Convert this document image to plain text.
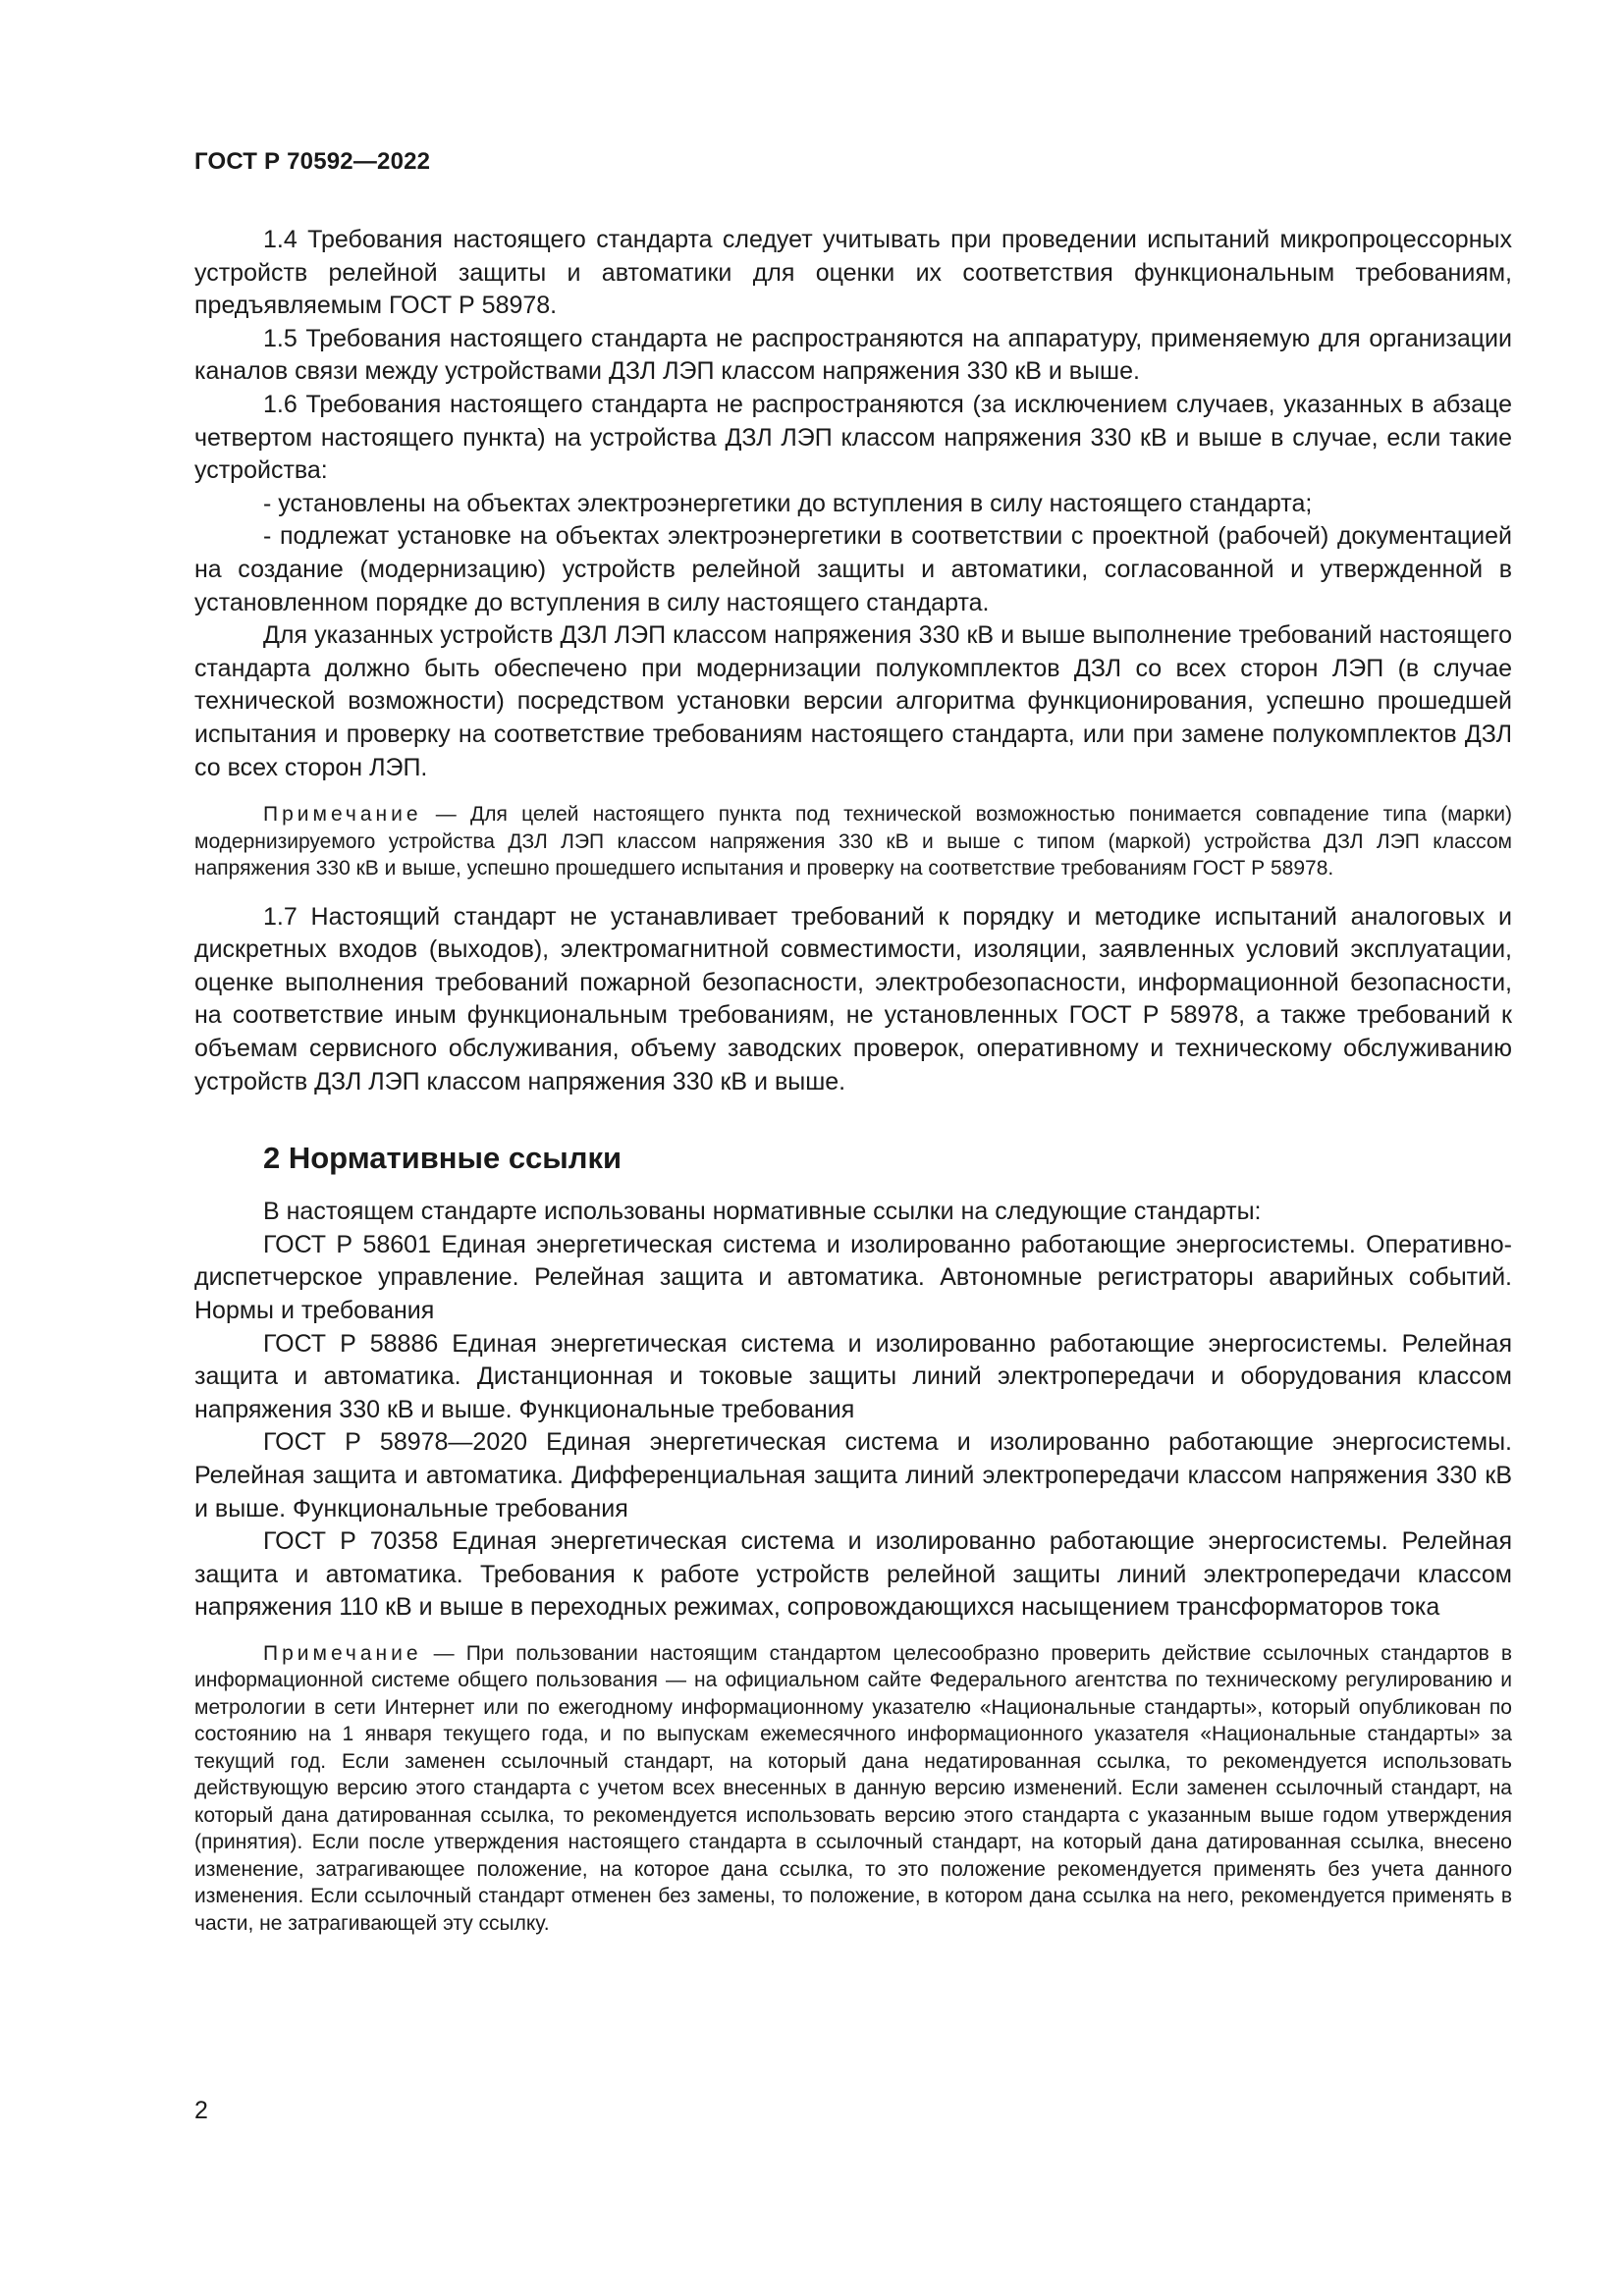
ГОСТ Р 70592—2022

1.4 Требования настоящего стандарта следует учитывать при проведении испытаний микропроцессорных устройств релейной защиты и автоматики для оценки их соответствия функциональным требованиям, предъявляемым ГОСТ Р 58978.

1.5 Требования настоящего стандарта не распространяются на аппаратуру, применяемую для организации каналов связи между устройствами ДЗЛ ЛЭП классом напряжения 330 кВ и выше.

1.6 Требования настоящего стандарта не распространяются (за исключением случаев, указанных в абзаце четвертом настоящего пункта) на устройства ДЗЛ ЛЭП классом напряжения 330 кВ и выше в случае, если такие устройства:

- установлены на объектах электроэнергетики до вступления в силу настоящего стандарта;

- подлежат установке на объектах электроэнергетики в соответствии с проектной (рабочей) документацией на создание (модернизацию) устройств релейной защиты и автоматики, согласованной и утвержденной в установленном порядке до вступления в силу настоящего стандарта.

Для указанных устройств ДЗЛ ЛЭП классом напряжения 330 кВ и выше выполнение требований настоящего стандарта должно быть обеспечено при модернизации полукомплектов ДЗЛ со всех сторон ЛЭП (в случае технической возможности) посредством установки версии алгоритма функционирования, успешно прошедшей испытания и проверку на соответствие требованиям настоящего стандарта, или при замене полукомплектов ДЗЛ со всех сторон ЛЭП.

Примечание — Для целей настоящего пункта под технической возможностью понимается совпадение типа (марки) модернизируемого устройства ДЗЛ ЛЭП классом напряжения 330 кВ и выше с типом (маркой) устройства ДЗЛ ЛЭП классом напряжения 330 кВ и выше, успешно прошедшего испытания и проверку на соответствие требованиям ГОСТ Р 58978.

1.7 Настоящий стандарт не устанавливает требований к порядку и методике испытаний аналоговых и дискретных входов (выходов), электромагнитной совместимости, изоляции, заявленных условий эксплуатации, оценке выполнения требований пожарной безопасности, электробезопасности, информационной безопасности, на соответствие иным функциональным требованиям, не установленных ГОСТ Р 58978, а также требований к объемам сервисного обслуживания, объему заводских проверок, оперативному и техническому обслуживанию устройств ДЗЛ ЛЭП классом напряжения 330 кВ и выше.

2 Нормативные ссылки

В настоящем стандарте использованы нормативные ссылки на следующие стандарты:

ГОСТ Р 58601 Единая энергетическая система и изолированно работающие энергосистемы. Оперативно-диспетчерское управление. Релейная защита и автоматика. Автономные регистраторы аварийных событий. Нормы и требования

ГОСТ Р 58886 Единая энергетическая система и изолированно работающие энергосистемы. Релейная защита и автоматика. Дистанционная и токовые защиты линий электропередачи и оборудования классом напряжения 330 кВ и выше. Функциональные требования

ГОСТ Р 58978—2020 Единая энергетическая система и изолированно работающие энергосистемы. Релейная защита и автоматика. Дифференциальная защита линий электропередачи классом напряжения 330 кВ и выше. Функциональные требования

ГОСТ Р 70358 Единая энергетическая система и изолированно работающие энергосистемы. Релейная защита и автоматика. Требования к работе устройств релейной защиты линий электропередачи классом напряжения 110 кВ и выше в переходных режимах, сопровождающихся насыщением трансформаторов тока

Примечание — При пользовании настоящим стандартом целесообразно проверить действие ссылочных стандартов в информационной системе общего пользования — на официальном сайте Федерального агентства по техническому регулированию и метрологии в сети Интернет или по ежегодному информационному указателю «Национальные стандарты», который опубликован по состоянию на 1 января текущего года, и по выпускам ежемесячного информационного указателя «Национальные стандарты» за текущий год. Если заменен ссылочный стандарт, на который дана недатированная ссылка, то рекомендуется использовать действующую версию этого стандарта с учетом всех внесенных в данную версию изменений. Если заменен ссылочный стандарт, на который дана датированная ссылка, то рекомендуется использовать версию этого стандарта с указанным выше годом утверждения (принятия). Если после утверждения настоящего стандарта в ссылочный стандарт, на который дана датированная ссылка, внесено изменение, затрагивающее положение, на которое дана ссылка, то это положение рекомендуется применять без учета данного изменения. Если ссылочный стандарт отменен без замены, то положение, в котором дана ссылка на него, рекомендуется применять в части, не затрагивающей эту ссылку.

2
